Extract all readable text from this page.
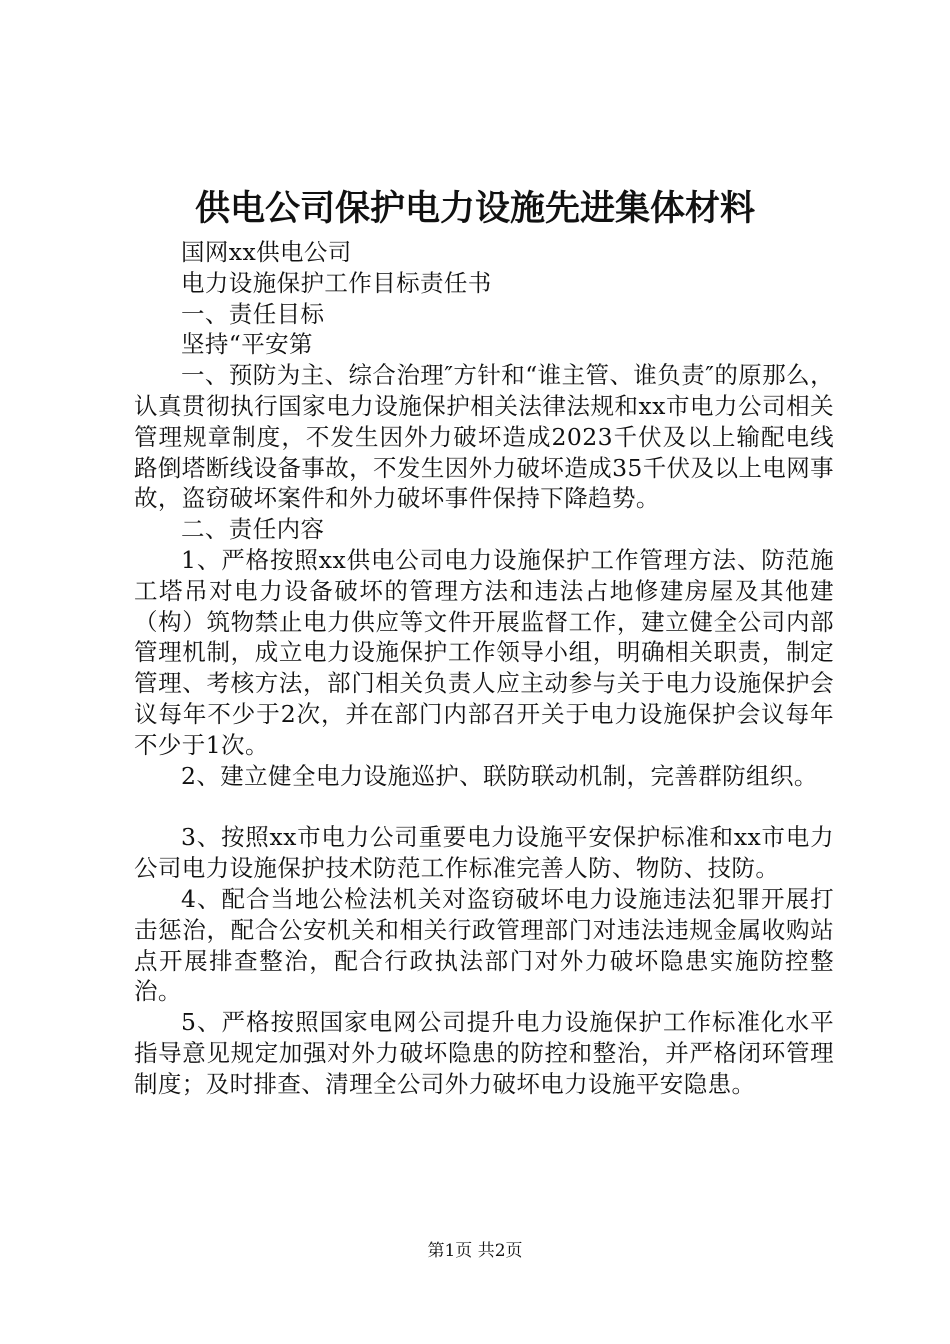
供电公司保护电力设施先进集体材料

国网xx供电公司

电力设施保护工作目标责任书

一、责任目标

坚持“平安第

一、预防为主、综合治理″方针和“谁主管、谁负责″的原那么，认真贯彻执行国家电力设施保护相关法律法规和xx市电力公司相关管理规章制度，不发生因外力破坏造成2023千伏及以上输配电线路倒塔断线设备事故，不发生因外力破坏造成35千伏及以上电网事故，盗窃破坏案件和外力破坏事件保持下降趋势。

二、责任内容

1、严格按照xx供电公司电力设施保护工作管理方法、防范施工塔吊对电力设备破坏的管理方法和违法占地修建房屋及其他建（构）筑物禁止电力供应等文件开展监督工作，建立健全公司内部管理机制，成立电力设施保护工作领导小组，明确相关职责，制定管理、考核方法，部门相关负责人应主动参与关于电力设施保护会议每年不少于2次，并在部门内部召开关于电力设施保护会议每年不少于1次。

2、建立健全电力设施巡护、联防联动机制，完善群防组织。

3、按照xx市电力公司重要电力设施平安保护标准和xx市电力公司电力设施保护技术防范工作标准完善人防、物防、技防。

4、配合当地公检法机关对盗窃破坏电力设施违法犯罪开展打击惩治，配合公安机关和相关行政管理部门对违法违规金属收购站点开展排查整治，配合行政执法部门对外力破坏隐患实施防控整治。

5、严格按照国家电网公司提升电力设施保护工作标准化水平指导意见规定加强对外力破坏隐患的防控和整治，并严格闭环管理制度；及时排查、清理全公司外力破坏电力设施平安隐患。

第1页 共2页
